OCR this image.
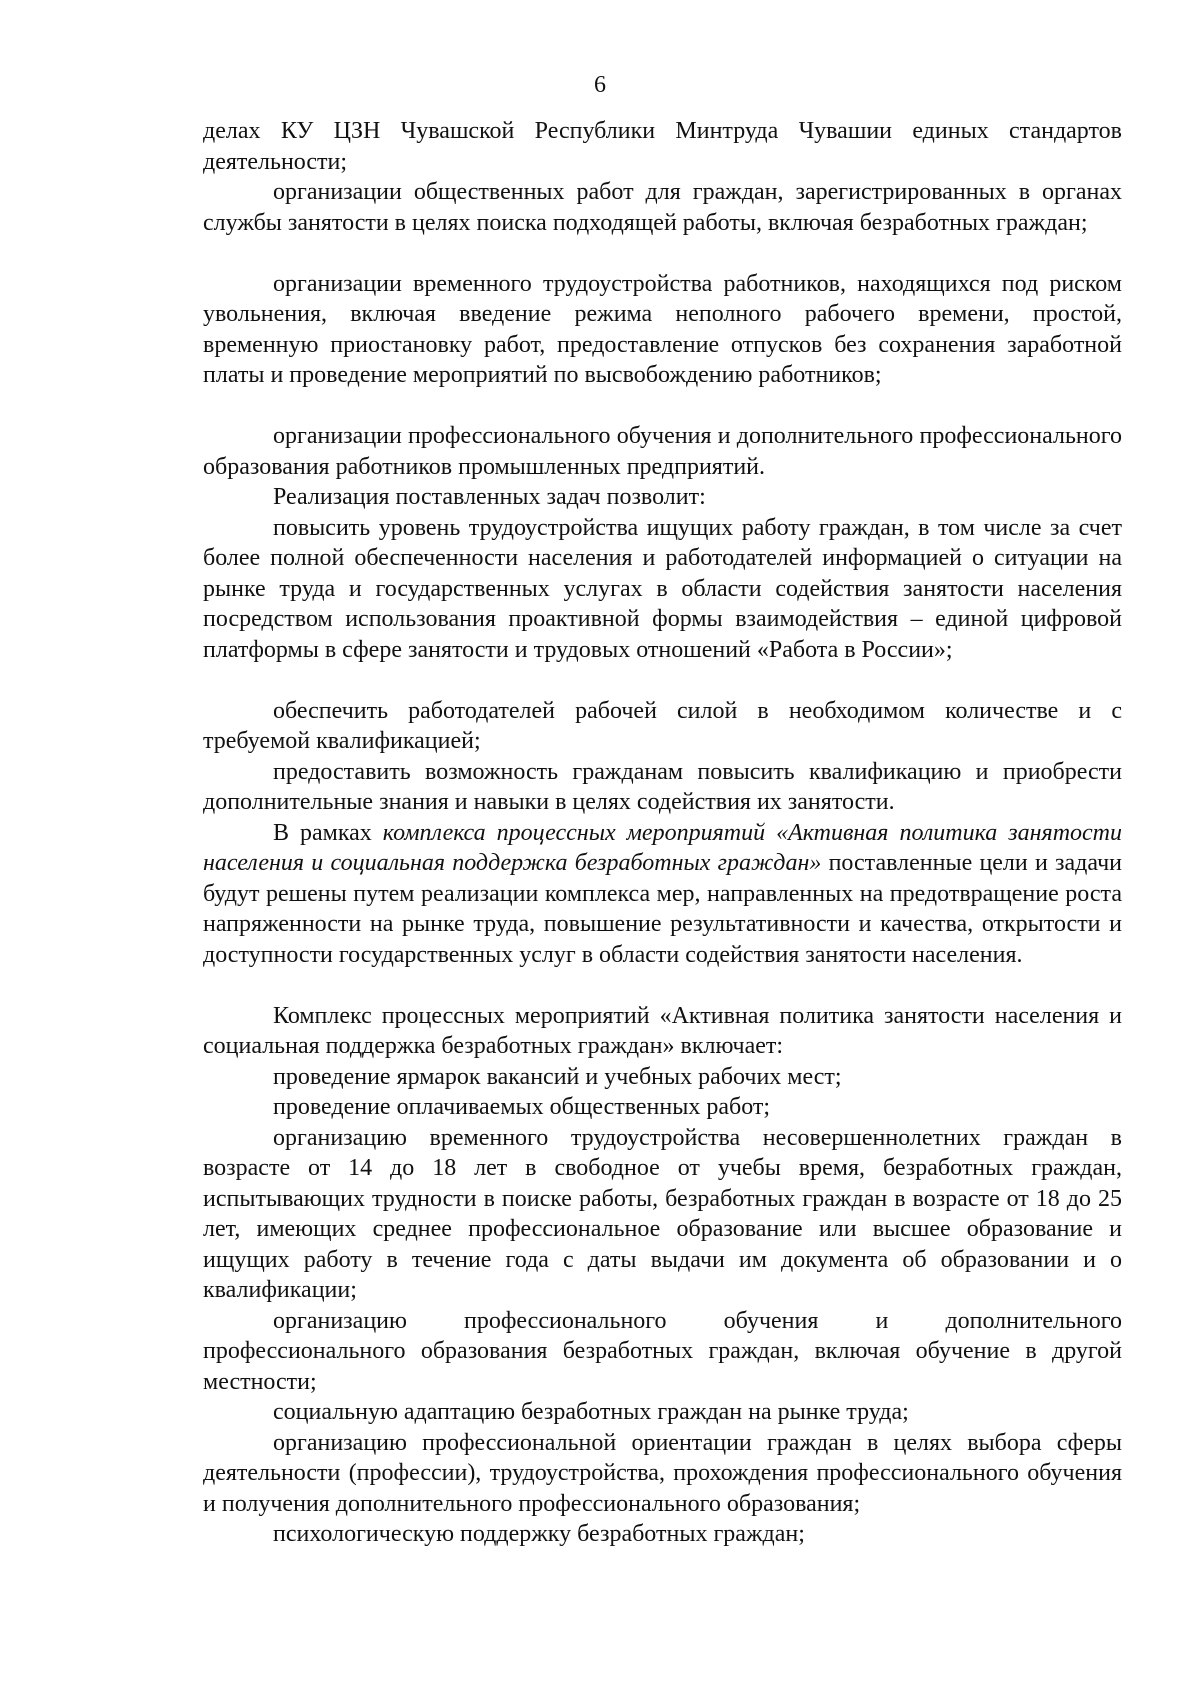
6

делах КУ ЦЗН Чувашской Республики Минтруда Чувашии единых стандартов деятельности;

организации общественных работ для граждан, зарегистрированных в органах службы занятости в целях поиска подходящей работы, включая безработных граждан;

организации временного трудоустройства работников, находящихся под риском увольнения, включая введение режима неполного рабочего времени, простой, временную приостановку работ, предоставление отпусков без сохранения заработной платы и проведение мероприятий по высвобождению работников;

организации профессионального обучения и дополнительного профессионального образования работников промышленных предприятий.

Реализация поставленных задач позволит:

повысить уровень трудоустройства ищущих работу граждан, в том числе за счет более полной обеспеченности населения и работодателей информацией о ситуации на рынке труда и государственных услугах в области содействия занятости населения посредством использования проактивной формы взаимодействия – единой цифровой платформы в сфере занятости и трудовых отношений «Работа в России»;

обеспечить работодателей рабочей силой в необходимом количестве и с требуемой квалификацией;

предоставить возможность гражданам повысить квалификацию и приобрести дополнительные знания и навыки в целях содействия их занятости.

В рамках комплекса процессных мероприятий «Активная политика занятости населения и социальная поддержка безработных граждан» поставленные цели и задачи будут решены путем реализации комплекса мер, направленных на предотвращение роста напряженности на рынке труда, повышение результативности и качества, открытости и доступности государственных услуг в области содействия занятости населения.

Комплекс процессных мероприятий «Активная политика занятости населения и социальная поддержка безработных граждан» включает:

проведение ярмарок вакансий и учебных рабочих мест;

проведение оплачиваемых общественных работ;

организацию временного трудоустройства несовершеннолетних граждан в возрасте от 14 до 18 лет в свободное от учебы время, безработных граждан, испытывающих трудности в поиске работы, безработных граждан в возрасте от 18 до 25 лет, имеющих среднее профессиональное образование или высшее образование и ищущих работу в течение года с даты выдачи им документа об образовании и о квалификации;

организацию профессионального обучения и дополнительного профессионального образования безработных граждан, включая обучение в другой местности;

социальную адаптацию безработных граждан на рынке труда;

организацию профессиональной ориентации граждан в целях выбора сферы деятельности (профессии), трудоустройства, прохождения профессионального обучения и получения дополнительного профессионального образования;

психологическую поддержку безработных граждан;
